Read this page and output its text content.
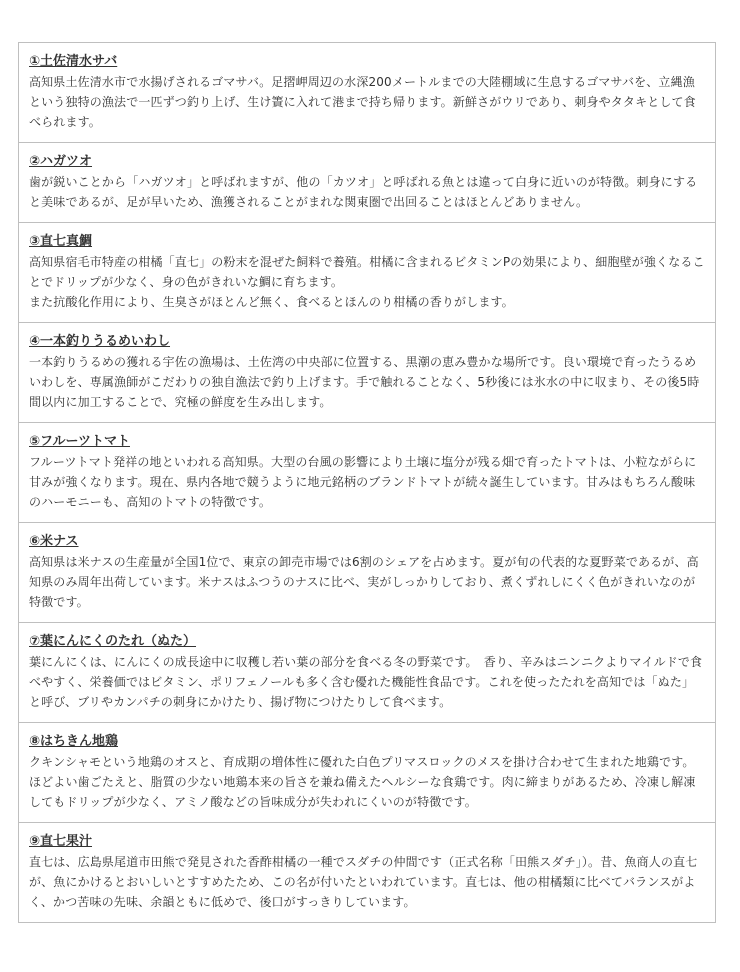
①土佐清水サバ
高知県土佐清水市で水揚げされるゴマサバ。足摺岬周辺の水深200メートルまでの大陸棚域に生息するゴマサバを、立縄漁という独特の漁法で一匹ずつ釣り上げ、生け簀に入れて港まで持ち帰ります。新鮮さがウリであり、刺身やタタキとして食べられます。
②ハガツオ
歯が鋭いことから「ハガツオ」と呼ばれますが、他の「カツオ」と呼ばれる魚とは違って白身に近いのが特徴。刺身にすると美味であるが、足が早いため、漁獲されることがまれな関東圏で出回ることはほとんどありません。
③直七真鯛
高知県宿毛市特産の柑橘「直七」の粉末を混ぜた飼料で養殖。柑橘に含まれるビタミンPの効果により、細胞壁が強くなることでドリップが少なく、身の色がきれいな鯛に育ちます。
また抗酸化作用により、生臭さがほとんど無く、食べるとほんのり柑橘の香りがします。
④一本釣りうるめいわし
一本釣りうるめの獲れる宇佐の漁場は、土佐湾の中央部に位置する、黒潮の恵み豊かな場所です。良い環境で育ったうるめいわしを、専属漁師がこだわりの独自漁法で釣り上げます。手で触れることなく、5秒後には氷水の中に収まり、その後5時間以内に加工することで、究極の鮮度を生み出します。
⑤フルーツトマト
フルーツトマト発祥の地といわれる高知県。大型の台風の影響により土壌に塩分が残る畑で育ったトマトは、小粒ながらに甘みが強くなります。現在、県内各地で競うように地元銘柄のブランドトマトが続々誕生しています。甘みはもちろん酸味のハーモニーも、高知のトマトの特徴です。
⑥米ナス
高知県は米ナスの生産量が全国1位で、東京の卸売市場では6割のシェアを占めます。夏が旬の代表的な夏野菜であるが、高知県のみ周年出荷しています。米ナスはふつうのナスに比べ、実がしっかりしており、煮くずれしにくく色がきれいなのが特徴です。
⑦葉にんにくのたれ（ぬた）
葉にんにくは、にんにくの成長途中に収穫し若い葉の部分を食べる冬の野菜です。　香り、辛みはニンニクよりマイルドで食べやすく、栄養価ではビタミン、ポリフェノールも多く含む優れた機能性食品です。これを使ったたれを高知では「ぬた」と呼び、ブリやカンパチの刺身にかけたり、揚げ物につけたりして食べます。
⑧はちきん地鶏
クキンシャモという地鶏のオスと、育成期の増体性に優れた白色プリマスロックのメスを掛け合わせて生まれた地鶏です。ほどよい歯ごたえと、脂質の少ない地鶏本来の旨さを兼ね備えたヘルシーな食鶏です。肉に締まりがあるため、冷凍し解凍してもドリップが少なく、アミノ酸などの旨味成分が失われにくいのが特徴です。
⑨直七果汁
直七は、広島県尾道市田熊で発見された香酢柑橘の一種でスダチの仲間です（正式名称「田熊スダチ」）。昔、魚商人の直七が、魚にかけるとおいしいとすすめたため、この名が付いたといわれています。直七は、他の柑橘類に比べてバランスがよく、かつ苦味の先味、余韻ともに低めで、後口がすっきりしています。
